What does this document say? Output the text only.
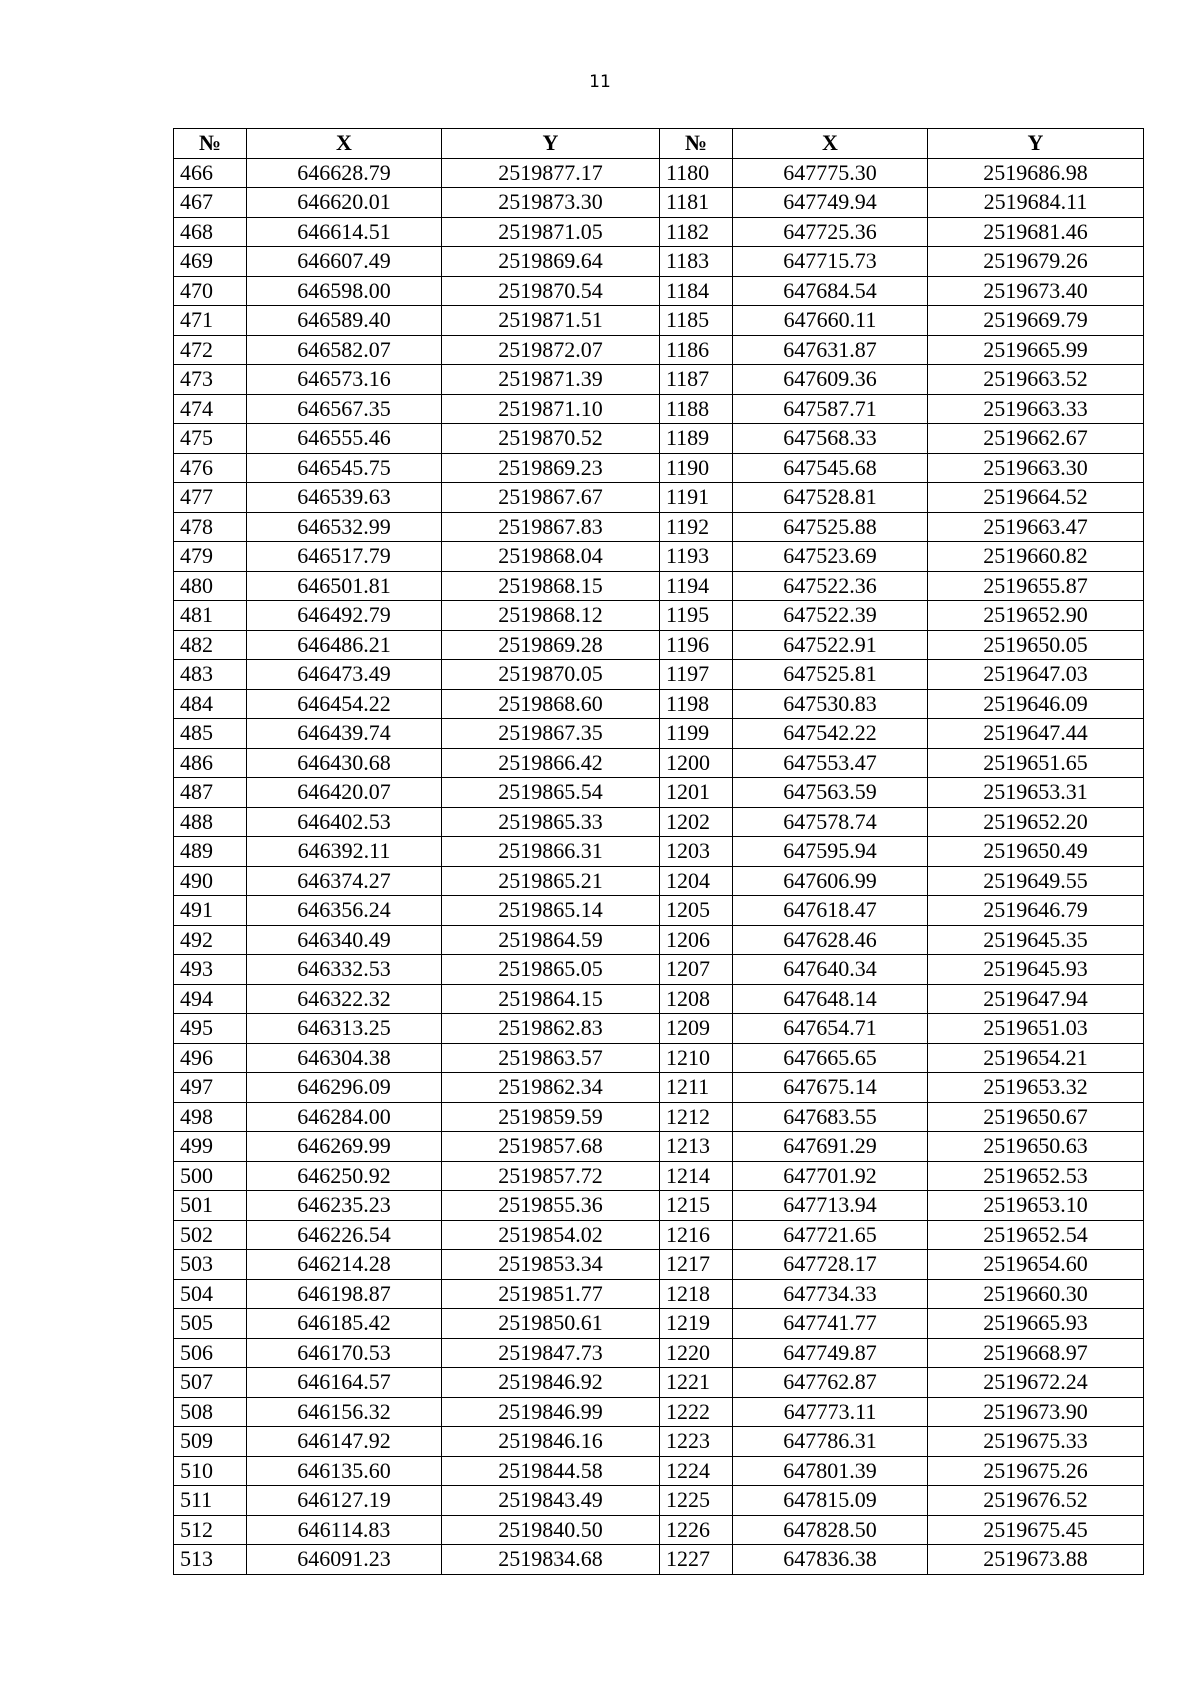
11
№	X	Y	№	X	Y
466	646628.79	2519877.17	1180	647775.30	2519686.98
467	646620.01	2519873.30	1181	647749.94	2519684.11
468	646614.51	2519871.05	1182	647725.36	2519681.46
469	646607.49	2519869.64	1183	647715.73	2519679.26
470	646598.00	2519870.54	1184	647684.54	2519673.40
471	646589.40	2519871.51	1185	647660.11	2519669.79
472	646582.07	2519872.07	1186	647631.87	2519665.99
473	646573.16	2519871.39	1187	647609.36	2519663.52
474	646567.35	2519871.10	1188	647587.71	2519663.33
475	646555.46	2519870.52	1189	647568.33	2519662.67
476	646545.75	2519869.23	1190	647545.68	2519663.30
477	646539.63	2519867.67	1191	647528.81	2519664.52
478	646532.99	2519867.83	1192	647525.88	2519663.47
479	646517.79	2519868.04	1193	647523.69	2519660.82
480	646501.81	2519868.15	1194	647522.36	2519655.87
481	646492.79	2519868.12	1195	647522.39	2519652.90
482	646486.21	2519869.28	1196	647522.91	2519650.05
483	646473.49	2519870.05	1197	647525.81	2519647.03
484	646454.22	2519868.60	1198	647530.83	2519646.09
485	646439.74	2519867.35	1199	647542.22	2519647.44
486	646430.68	2519866.42	1200	647553.47	2519651.65
487	646420.07	2519865.54	1201	647563.59	2519653.31
488	646402.53	2519865.33	1202	647578.74	2519652.20
489	646392.11	2519866.31	1203	647595.94	2519650.49
490	646374.27	2519865.21	1204	647606.99	2519649.55
491	646356.24	2519865.14	1205	647618.47	2519646.79
492	646340.49	2519864.59	1206	647628.46	2519645.35
493	646332.53	2519865.05	1207	647640.34	2519645.93
494	646322.32	2519864.15	1208	647648.14	2519647.94
495	646313.25	2519862.83	1209	647654.71	2519651.03
496	646304.38	2519863.57	1210	647665.65	2519654.21
497	646296.09	2519862.34	1211	647675.14	2519653.32
498	646284.00	2519859.59	1212	647683.55	2519650.67
499	646269.99	2519857.68	1213	647691.29	2519650.63
500	646250.92	2519857.72	1214	647701.92	2519652.53
501	646235.23	2519855.36	1215	647713.94	2519653.10
502	646226.54	2519854.02	1216	647721.65	2519652.54
503	646214.28	2519853.34	1217	647728.17	2519654.60
504	646198.87	2519851.77	1218	647734.33	2519660.30
505	646185.42	2519850.61	1219	647741.77	2519665.93
506	646170.53	2519847.73	1220	647749.87	2519668.97
507	646164.57	2519846.92	1221	647762.87	2519672.24
508	646156.32	2519846.99	1222	647773.11	2519673.90
509	646147.92	2519846.16	1223	647786.31	2519675.33
510	646135.60	2519844.58	1224	647801.39	2519675.26
511	646127.19	2519843.49	1225	647815.09	2519676.52
512	646114.83	2519840.50	1226	647828.50	2519675.45
513	646091.23	2519834.68	1227	647836.38	2519673.88
